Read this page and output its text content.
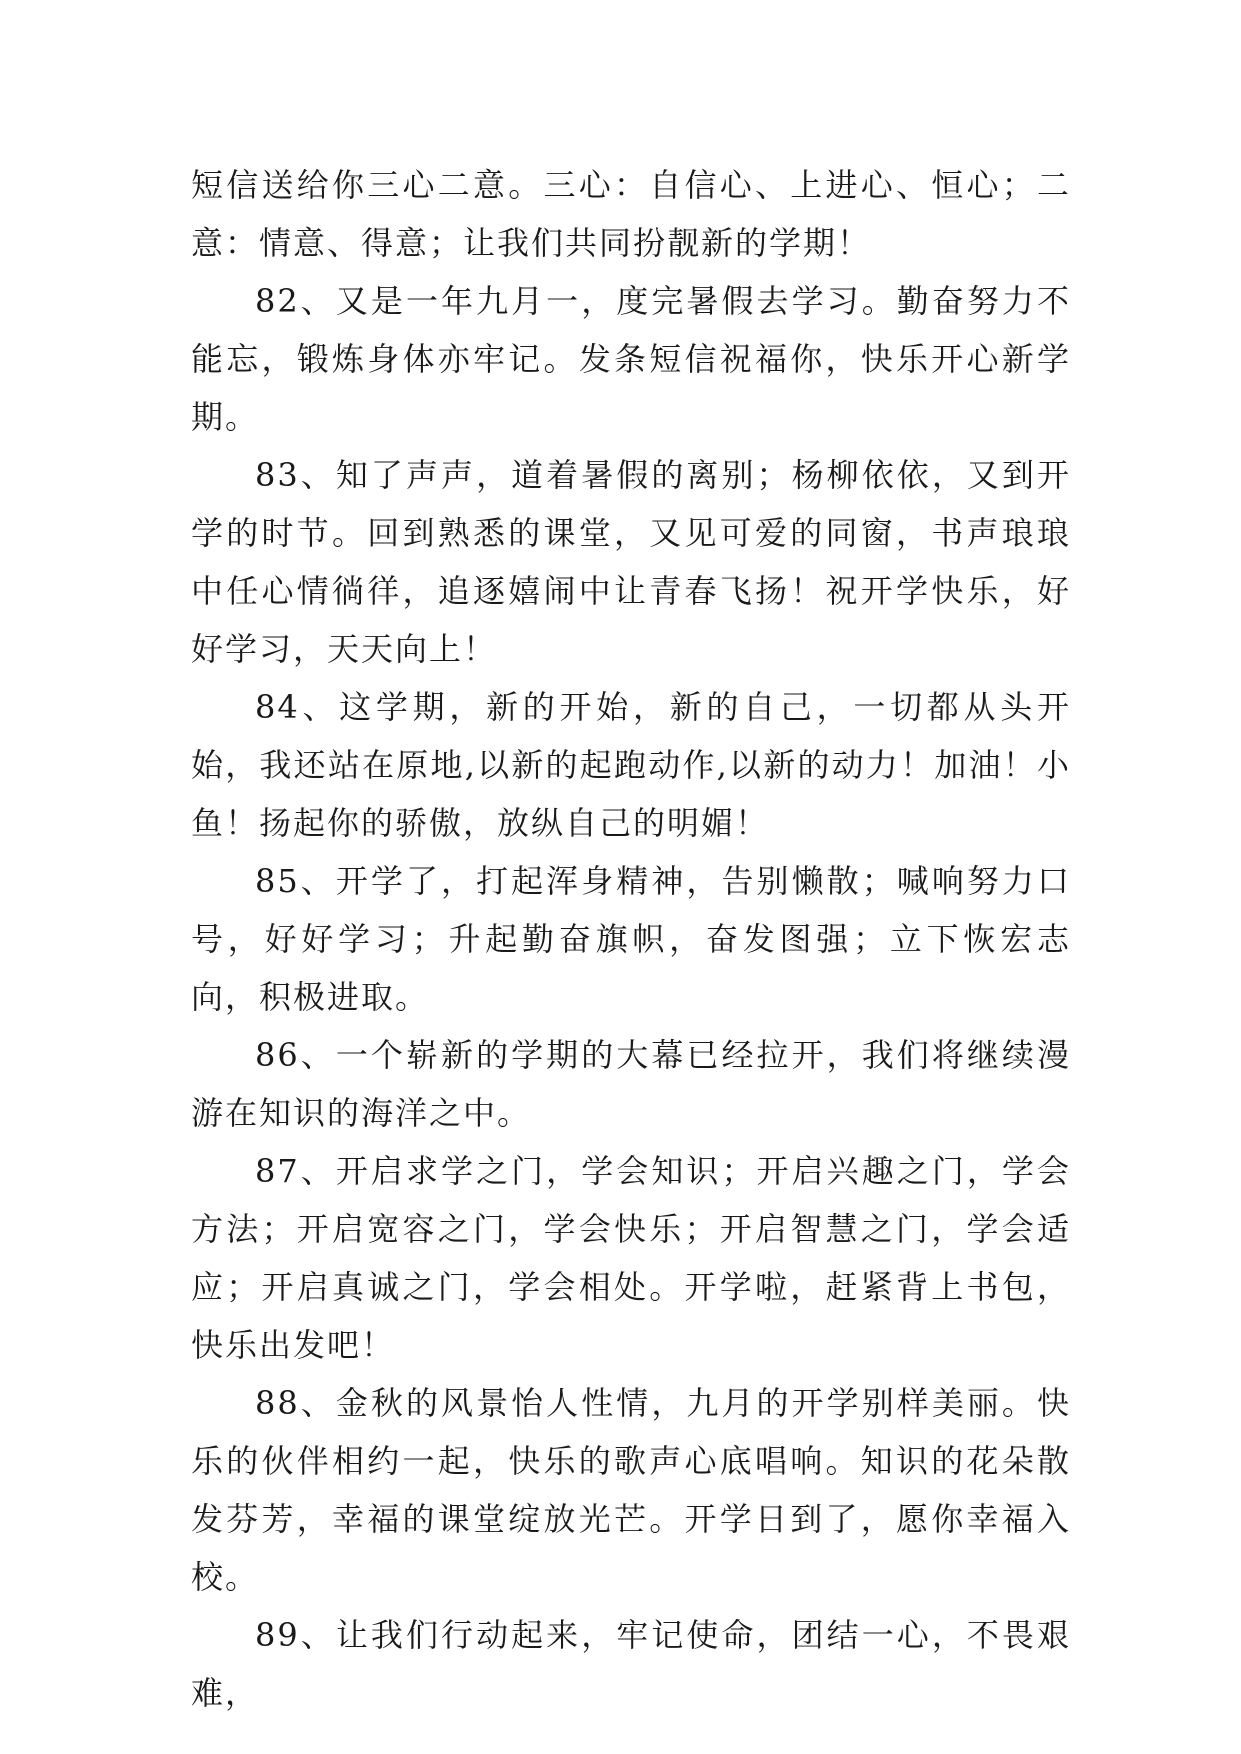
短信送给你三心二意。三心：自信心、上进心、恒心；二意：情意、得意；让我们共同扮靓新的学期！

82、又是一年九月一，度完暑假去学习。勤奋努力不能忘，锻炼身体亦牢记。发条短信祝福你，快乐开心新学期。

83、知了声声，道着暑假的离别；杨柳依依，又到开学的时节。回到熟悉的课堂，又见可爱的同窗，书声琅琅中任心情徜徉，追逐嬉闹中让青春飞扬！祝开学快乐，好好学习，天天向上！

84、这学期，新的开始，新的自己，一切都从头开始，我还站在原地,以新的起跑动作,以新的动力！加油！小鱼！扬起你的骄傲，放纵自己的明媚！

85、开学了，打起浑身精神，告别懒散；喊响努力口号，好好学习；升起勤奋旗帜，奋发图强；立下恢宏志向，积极进取。

86、一个崭新的学期的大幕已经拉开，我们将继续漫游在知识的海洋之中。

87、开启求学之门，学会知识；开启兴趣之门，学会方法；开启宽容之门，学会快乐；开启智慧之门，学会适应；开启真诚之门，学会相处。开学啦，赶紧背上书包，快乐出发吧！

88、金秋的风景怡人性情，九月的开学别样美丽。快乐的伙伴相约一起，快乐的歌声心底唱响。知识的花朵散发芬芳，幸福的课堂绽放光芒。开学日到了，愿你幸福入校。

89、让我们行动起来，牢记使命，团结一心，不畏艰难，
